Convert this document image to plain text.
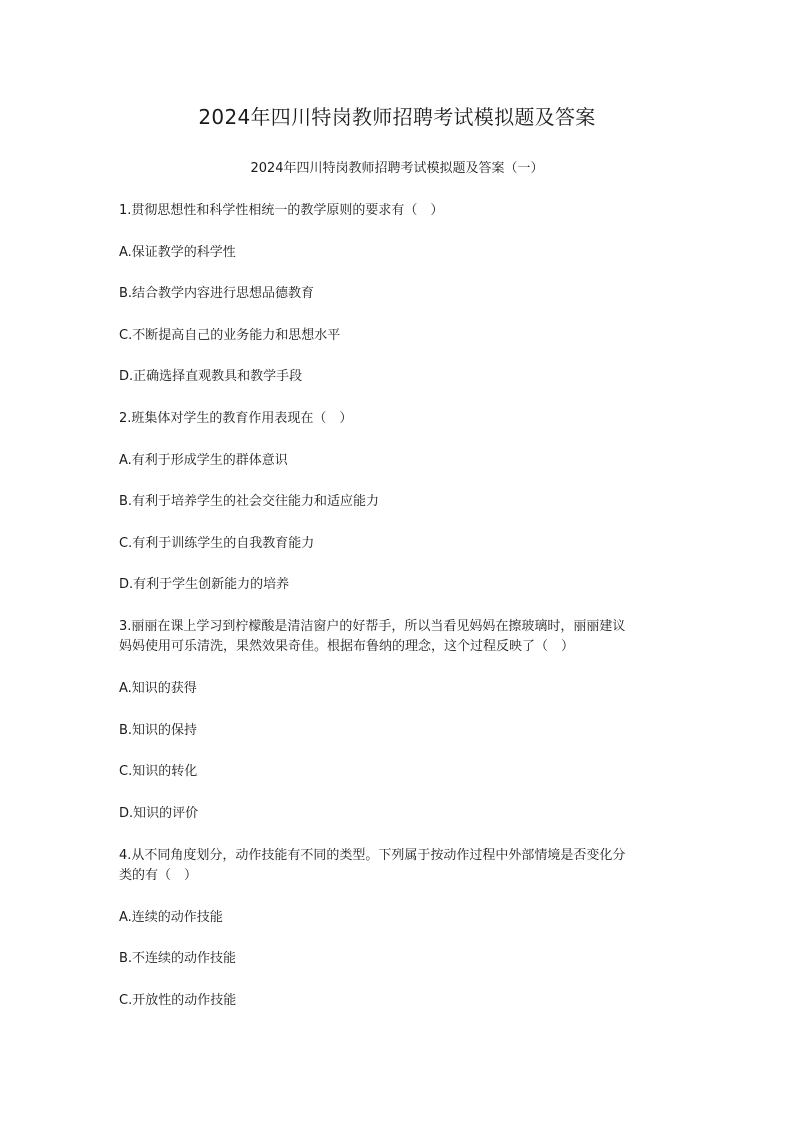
2024年四川特岗教师招聘考试模拟题及答案
2024年四川特岗教师招聘考试模拟题及答案（一）
1.贯彻思想性和科学性相统一的教学原则的要求有（　）
A.保证教学的科学性
B.结合教学内容进行思想品德教育
C.不断提高自己的业务能力和思想水平
D.正确选择直观教具和教学手段
2.班集体对学生的教育作用表现在（　）
A.有利于形成学生的群体意识
B.有利于培养学生的社会交往能力和适应能力
C.有利于训练学生的自我教育能力
D.有利于学生创新能力的培养
3.丽丽在课上学习到柠檬酸是清洁窗户的好帮手，所以当看见妈妈在擦玻璃时，丽丽建议
妈妈使用可乐清洗，果然效果奇佳。根据布鲁纳的理念，这个过程反映了（　）
A.知识的获得
B.知识的保持
C.知识的转化
D.知识的评价
4.从不同角度划分，动作技能有不同的类型。下列属于按动作过程中外部情境是否变化分
类的有（　）
A.连续的动作技能
B.不连续的动作技能
C.开放性的动作技能
